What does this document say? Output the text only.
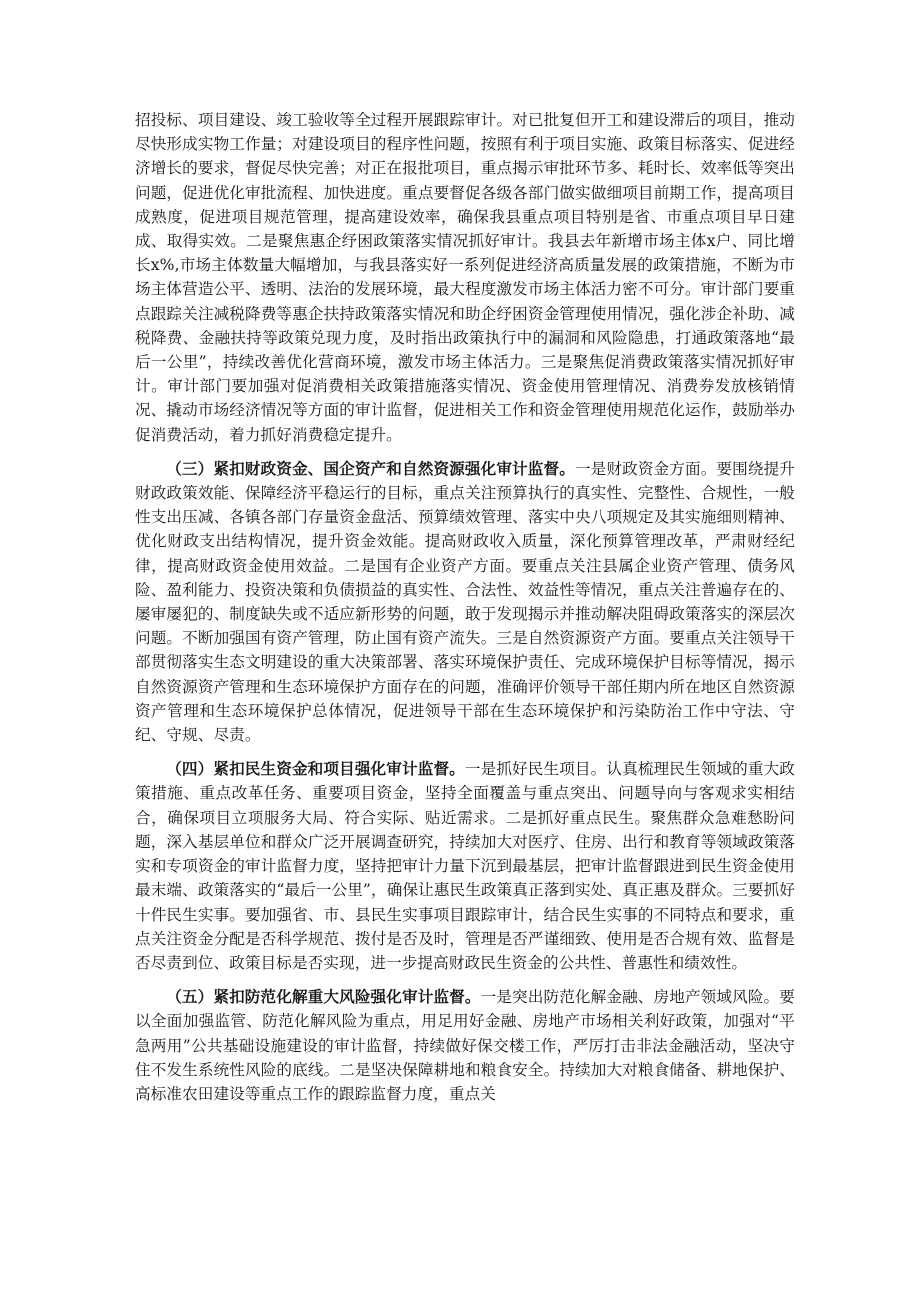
招投标、项目建设、竣工验收等全过程开展跟踪审计。对已批复但开工和建设滞后的项目，推动尽快形成实物工作量；对建设项目的程序性问题，按照有利于项目实施、政策目标落实、促进经济增长的要求，督促尽快完善；对正在报批项目，重点揭示审批环节多、耗时长、效率低等突出问题，促进优化审批流程、加快进度。重点要督促各级各部门做实做细项目前期工作，提高项目成熟度，促进项目规范管理，提高建设效率，确保我县重点项目特别是省、市重点项目早日建成、取得实效。二是聚焦惠企纾困政策落实情况抓好审计。我县去年新增市场主体x户、同比增长x%,市场主体数量大幅增加，与我县落实好一系列促进经济高质量发展的政策措施，不断为市场主体营造公平、透明、法治的发展环境，最大程度激发市场主体活力密不可分。审计部门要重点跟踪关注减税降费等惠企扶持政策落实情况和助企纾困资金管理使用情况，强化涉企补助、减税降费、金融扶持等政策兑现力度，及时指出政策执行中的漏洞和风险隐患，打通政策落地“最后一公里”，持续改善优化营商环境，激发市场主体活力。三是聚焦促消费政策落实情况抓好审计。审计部门要加强对促消费相关政策措施落实情况、资金使用管理情况、消费券发放核销情况、撬动市场经济情况等方面的审计监督，促进相关工作和资金管理使用规范化运作，鼓励举办促消费活动，着力抓好消费稳定提升。

（三）紧扣财政资金、国企资产和自然资源强化审计监督。一是财政资金方面。要围绕提升财政政策效能、保障经济平稳运行的目标，重点关注预算执行的真实性、完整性、合规性，一般性支出压减、各镇各部门存量资金盘活、预算绩效管理、落实中央八项规定及其实施细则精神、优化财政支出结构情况，提升资金效能。提高财政收入质量，深化预算管理改革，严肃财经纪律，提高财政资金使用效益。二是国有企业资产方面。要重点关注县属企业资产管理、债务风险、盈利能力、投资决策和负债损益的真实性、合法性、效益性等情况，重点关注普遍存在的、屡审屡犯的、制度缺失或不适应新形势的问题，敢于发现揭示并推动解决阻碍政策落实的深层次问题。不断加强国有资产管理，防止国有资产流失。三是自然资源资产方面。要重点关注领导干部贯彻落实生态文明建设的重大决策部署、落实环境保护责任、完成环境保护目标等情况，揭示自然资源资产管理和生态环境保护方面存在的问题，准确评价领导干部任期内所在地区自然资源资产管理和生态环境保护总体情况，促进领导干部在生态环境保护和污染防治工作中守法、守纪、守规、尽责。

（四）紧扣民生资金和项目强化审计监督。一是抓好民生项目。认真梳理民生领域的重大政策措施、重点改革任务、重要项目资金，坚持全面覆盖与重点突出、问题导向与客观求实相结合，确保项目立项服务大局、符合实际、贴近需求。二是抓好重点民生。聚焦群众急难愁盼问题，深入基层单位和群众广泛开展调查研究，持续加大对医疗、住房、出行和教育等领域政策落实和专项资金的审计监督力度，坚持把审计力量下沉到最基层，把审计监督跟进到民生资金使用最末端、政策落实的“最后一公里”，确保让惠民生政策真正落到实处、真正惠及群众。三要抓好十件民生实事。要加强省、市、县民生实事项目跟踪审计，结合民生实事的不同特点和要求，重点关注资金分配是否科学规范、拨付是否及时，管理是否严谨细致、使用是否合规有效、监督是否尽责到位、政策目标是否实现，进一步提高财政民生资金的公共性、普惠性和绩效性。

（五）紧扣防范化解重大风险强化审计监督。一是突出防范化解金融、房地产领域风险。要以全面加强监管、防范化解风险为重点，用足用好金融、房地产市场相关利好政策，加强对“平急两用”公共基础设施建设的审计监督，持续做好保交楼工作，严厉打击非法金融活动，坚决守住不发生系统性风险的底线。二是坚决保障耕地和粮食安全。持续加大对粮食储备、耕地保护、高标准农田建设等重点工作的跟踪监督力度，重点关
